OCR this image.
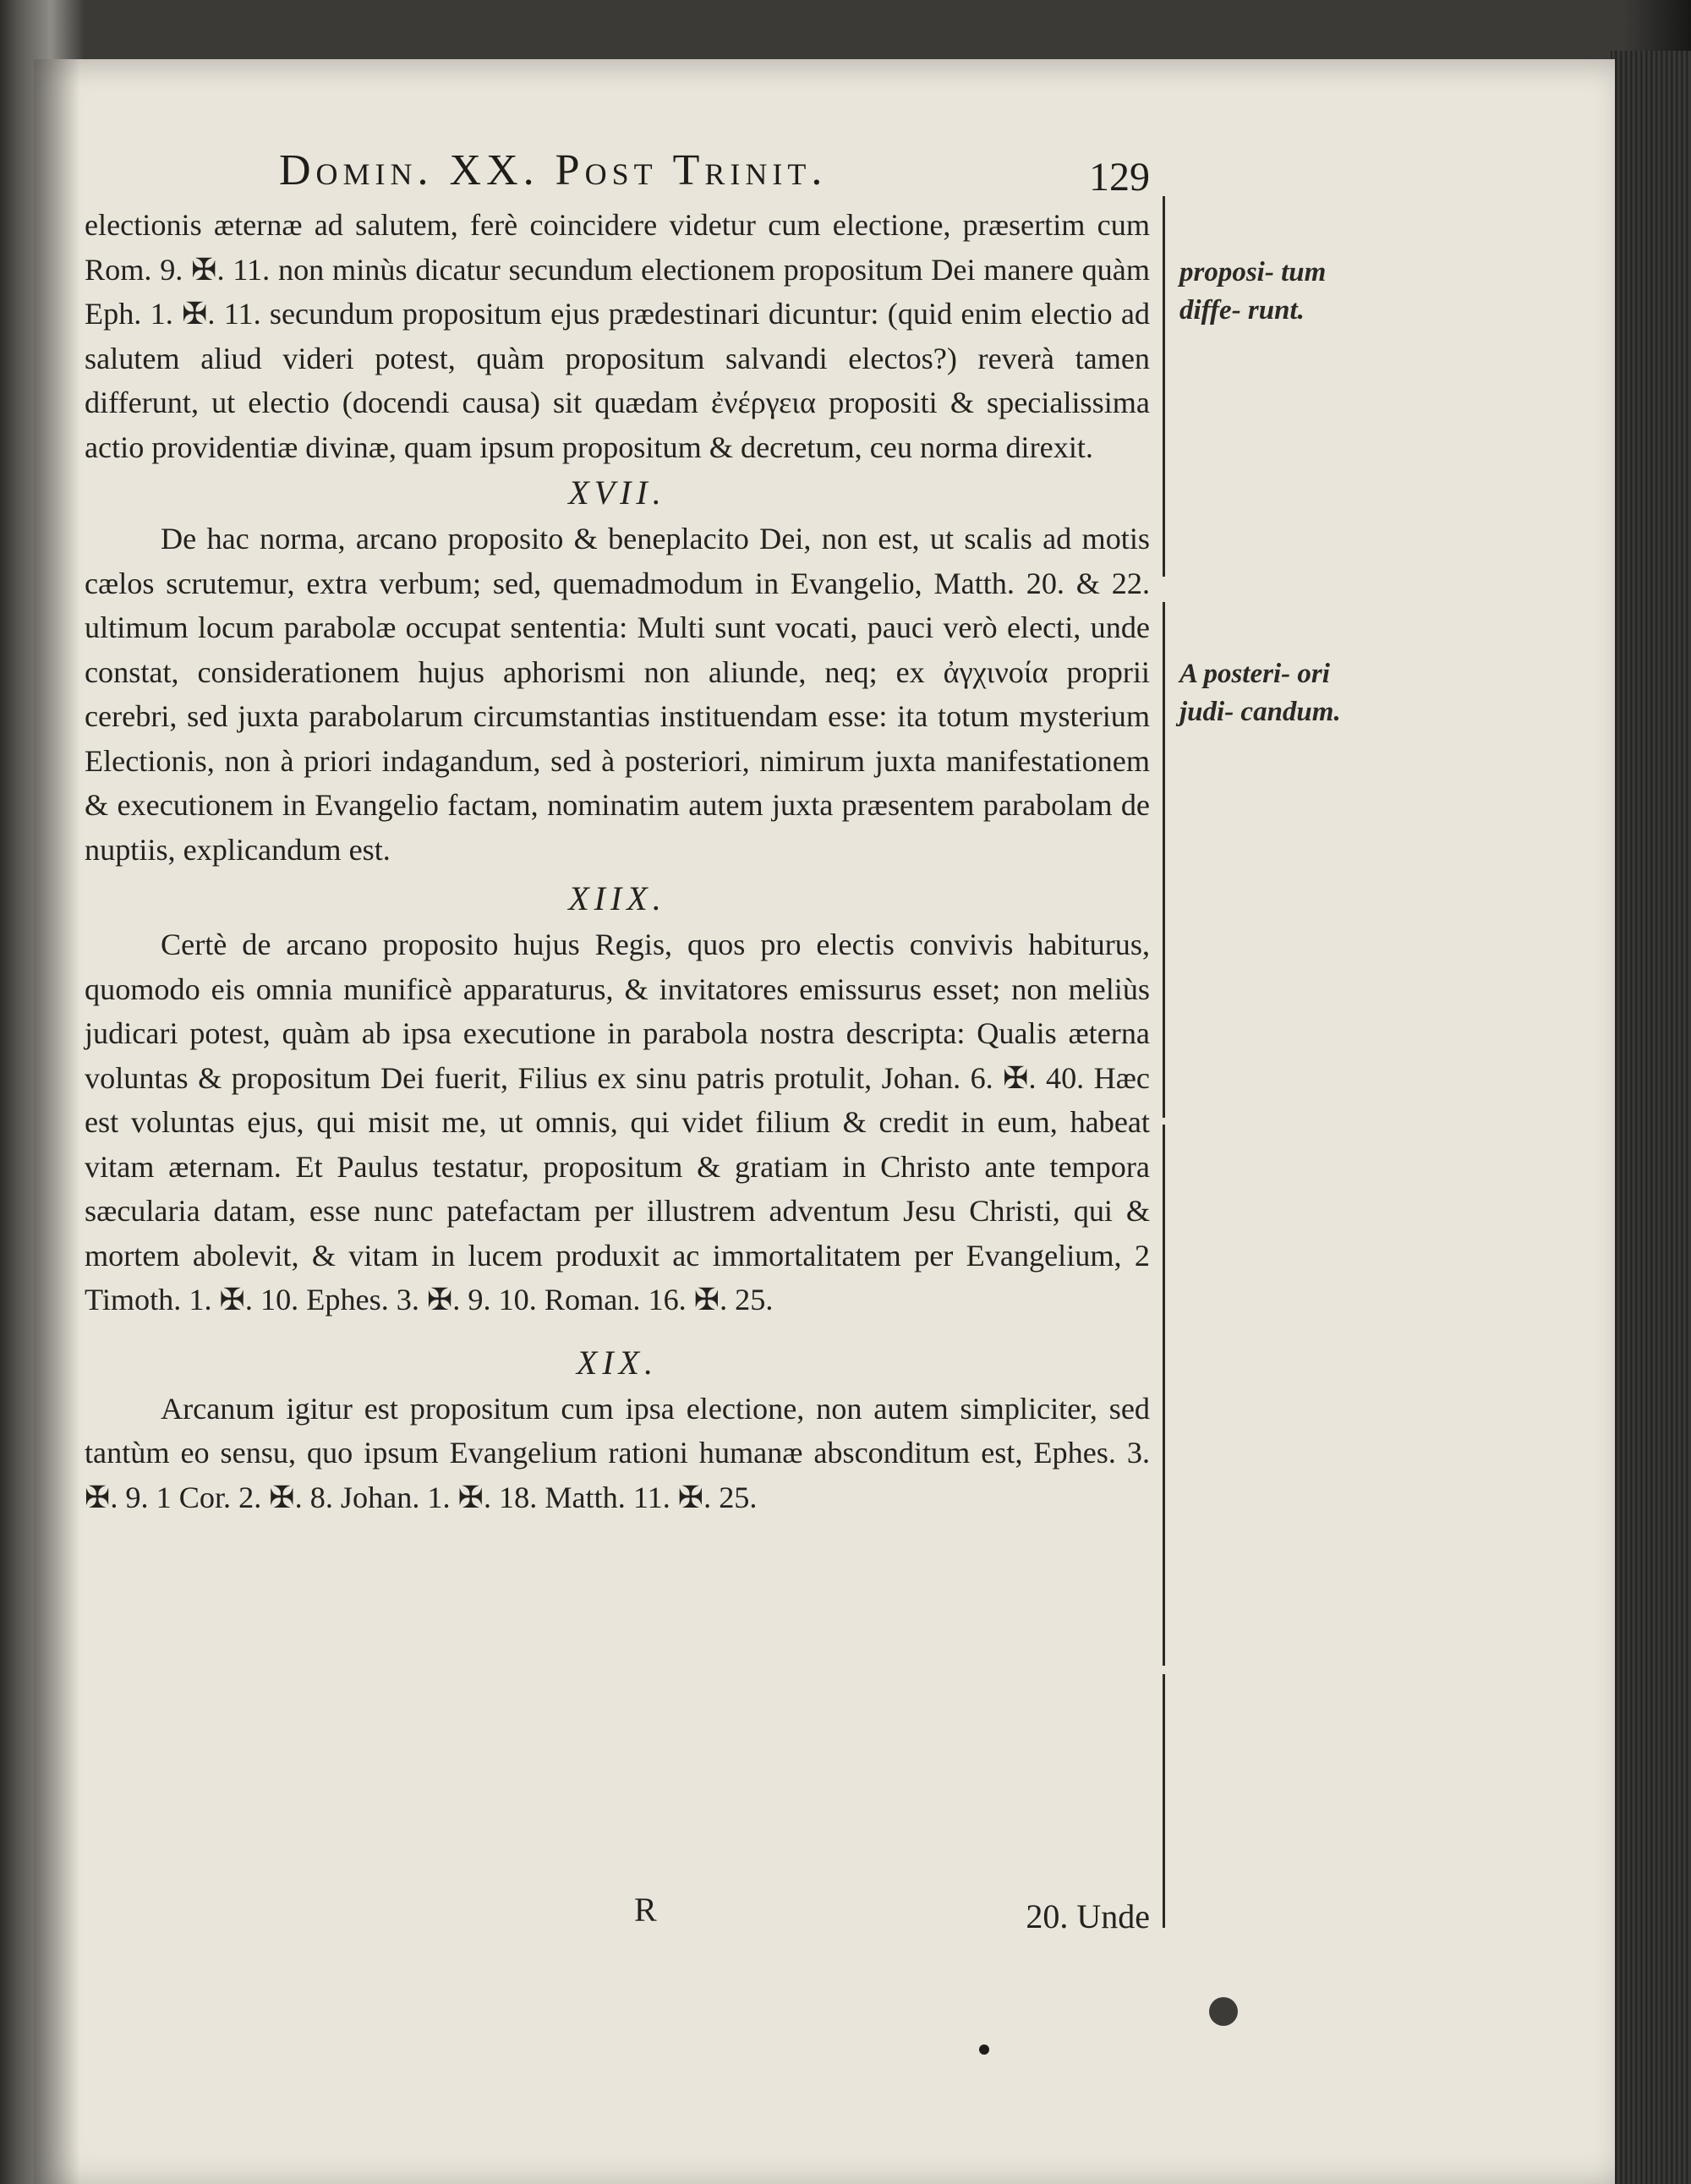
Domin. XX. Post Trinit.	129

electionis æternæ ad salutem, ferè coincidere videtur cum electione, præsertim cum Rom. 9. ✠. 11. non minùs dicatur secundum electionem propositum Dei manere quàm Eph. 1. ✠. 11. secundum propositum ejus prædestinari dicuntur: (quid enim electio ad salutem aliud videri potest, quàm propositum salvandi electos?) reverà tamen differunt, ut electio (docendi causa) sit quædam ἐνέργεια propositi & specialissima actio providentiæ divinæ, quam ipsum propositum & decretum, ceu norma direxit.

XVII.

De hac norma, arcano proposito & beneplacito Dei, non est, ut scalis ad motis cælos scrutemur, extra verbum; sed, quemadmodum in Evangelio, Matth. 20. & 22. ultimum locum parabolæ occupat sententia: Multi sunt vocati, pauci verò electi, unde constat, considerationem hujus aphorismi non aliunde, neq; ex ἀγχινοία proprii cerebri, sed juxta parabolarum circumstantias instituendam esse: ita totum mysterium Electionis, non à priori indagandum, sed à posteriori, nimirum juxta manifestationem & executionem in Evangelio factam, nominatim autem juxta præsentem parabolam de nuptiis, explicandum est.

XIIX.

Certè de arcano proposito hujus Regis, quos pro electis convivis habiturus, quomodo eis omnia munificè apparaturus, & invitatores emissurus esset; non meliùs judicari potest, quàm ab ipsa executione in parabola nostra descripta: Qualis æterna voluntas & propositum Dei fuerit, Filius ex sinu patris protulit, Johan. 6. ✠. 40. Hæc est voluntas ejus, qui misit me, ut omnis, qui videt filium & credit in eum, habeat vitam æternam. Et Paulus testatur, propositum & gratiam in Christo ante tempora sæcularia datam, esse nunc patefactam per illustrem adventum Jesu Christi, qui & mortem abolevit, & vitam in lucem produxit ac immortalitatem per Evangelium, 2 Timoth. 1. ✠. 10. Ephes. 3. ✠. 9. 10. Roman. 16. ✠. 25.

XIX.

Arcanum igitur est propositum cum ipsa electione, non autem simpliciter, sed tantùm eo sensu, quo ipsum Evangelium rationi humanæ absconditum est, Ephes. 3. ✠. 9. 1 Cor. 2. ✠. 8. Johan. 1. ✠. 18. Matth. 11. ✠. 25.

R	20. Unde
proposi- tum diffe- runt.
A posteri- ori judi- candum.
